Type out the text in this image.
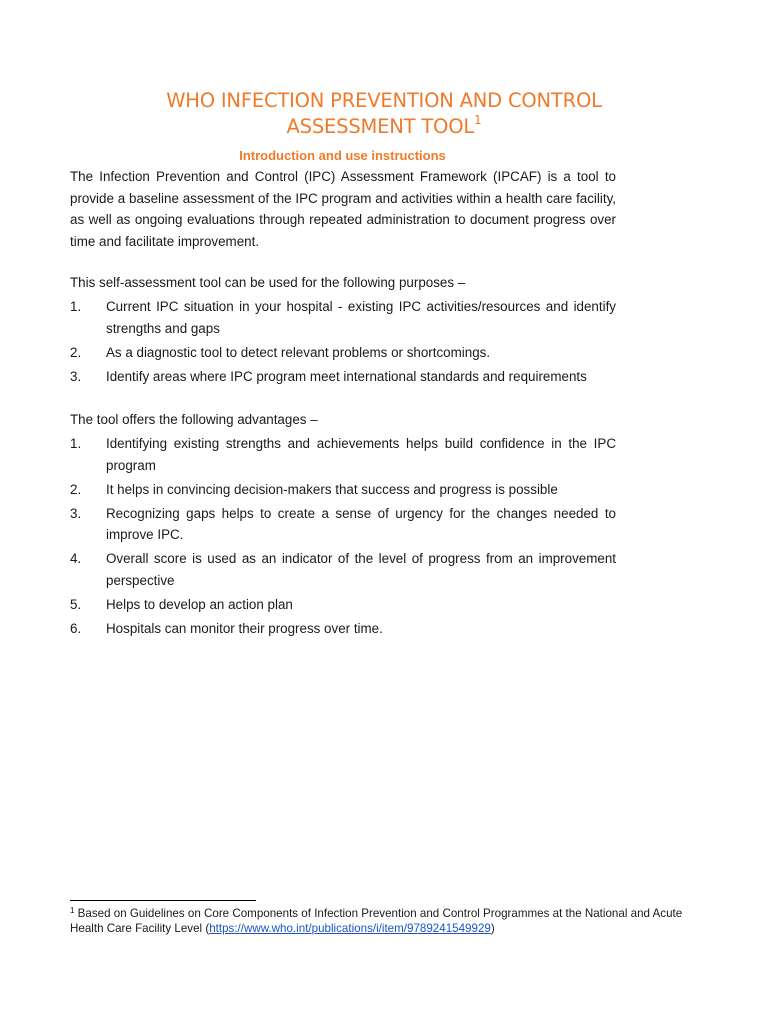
WHO INFECTION PREVENTION AND CONTROL
ASSESSMENT TOOL$^1$
Introduction and use instructions
The Infection Prevention and Control (IPC) Assessment Framework (IPCAF) is a tool to provide a baseline assessment of the IPC program and activities within a health care facility, as well as ongoing evaluations through repeated administration to document progress over time and facilitate improvement.
This self-assessment tool can be used for the following purposes –
1. Current IPC situation in your hospital - existing IPC activities/resources and identify strengths and gaps
2. As a diagnostic tool to detect relevant problems or shortcomings.
3. Identify areas where IPC program meet international standards and requirements
The tool offers the following advantages –
1. Identifying existing strengths and achievements helps build confidence in the IPC program
2. It helps in convincing decision-makers that success and progress is possible
3. Recognizing gaps helps to create a sense of urgency for the changes needed to improve IPC.
4. Overall score is used as an indicator of the level of progress from an improvement perspective
5. Helps to develop an action plan
6. Hospitals can monitor their progress over time.
$^1$ Based on Guidelines on Core Components of Infection Prevention and Control Programmes at the National and Acute Health Care Facility Level (https://www.who.int/publications/i/item/9789241549929)
